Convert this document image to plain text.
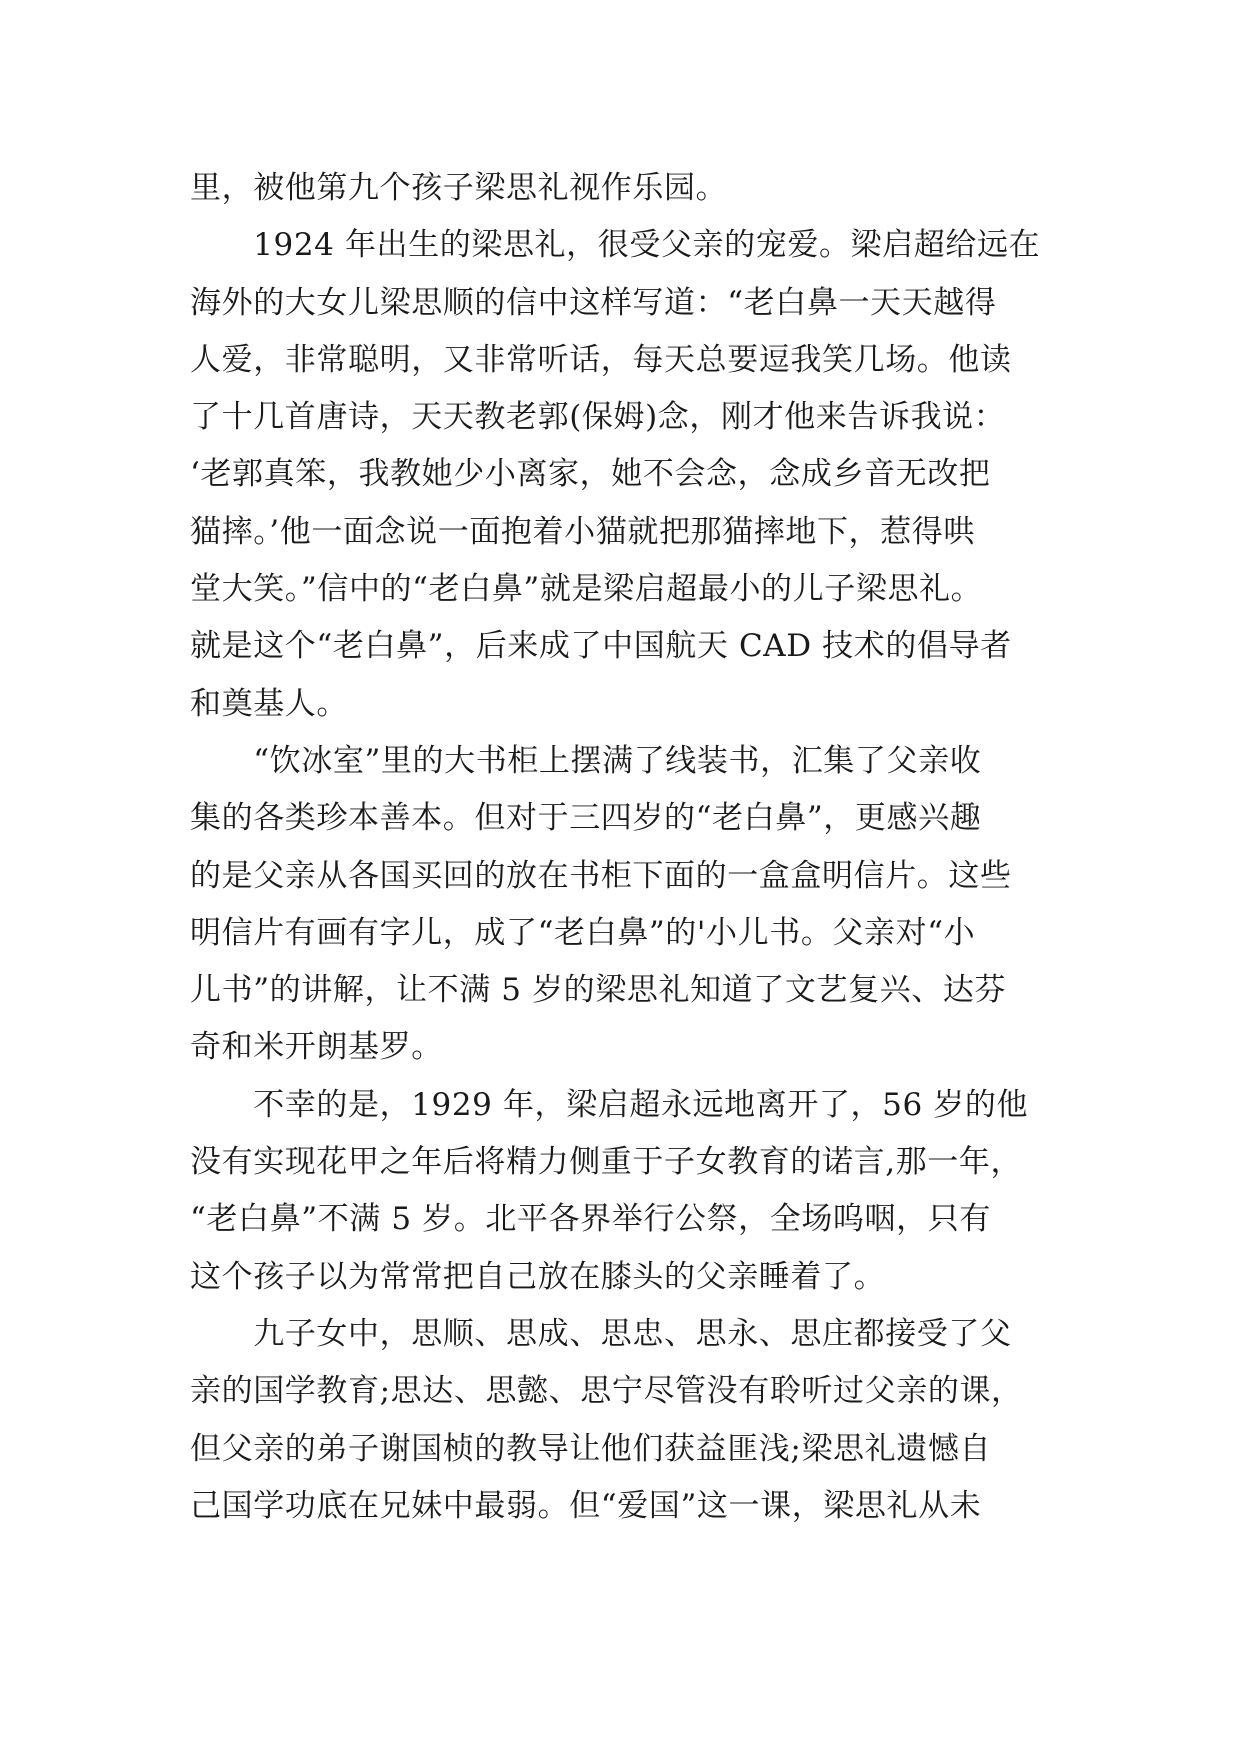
里，被他第九个孩子梁思礼视作乐园。
　　1924 年出生的梁思礼，很受父亲的宠爱。梁启超给远在
海外的大女儿梁思顺的信中这样写道：“老白鼻一天天越得
人爱，非常聪明，又非常听话，每天总要逗我笑几场。他读
了十几首唐诗，天天教老郭(保姆)念，刚才他来告诉我说：
‘老郭真笨，我教她少小离家，她不会念，念成乡音无改把
猫摔。’他一面念说一面抱着小猫就把那猫摔地下，惹得哄
堂大笑。”信中的“老白鼻”就是梁启超最小的儿子梁思礼。
就是这个“老白鼻”，后来成了中国航天 CAD 技术的倡导者
和奠基人。
　　“饮冰室”里的大书柜上摆满了线装书，汇集了父亲收
集的各类珍本善本。但对于三四岁的“老白鼻”，更感兴趣
的是父亲从各国买回的放在书柜下面的一盒盒明信片。这些
明信片有画有字儿，成了“老白鼻”的'小儿书。父亲对“小
儿书”的讲解，让不满 5 岁的梁思礼知道了文艺复兴、达芬
奇和米开朗基罗。
　　不幸的是，1929 年，梁启超永远地离开了，56 岁的他
没有实现花甲之年后将精力侧重于子女教育的诺言,那一年，
“老白鼻”不满 5 岁。北平各界举行公祭，全场呜咽，只有
这个孩子以为常常把自己放在膝头的父亲睡着了。
　　九子女中，思顺、思成、思忠、思永、思庄都接受了父
亲的国学教育;思达、思懿、思宁尽管没有聆听过父亲的课，
但父亲的弟子谢国桢的教导让他们获益匪浅;梁思礼遗憾自
己国学功底在兄妹中最弱。但“爱国”这一课，梁思礼从未
